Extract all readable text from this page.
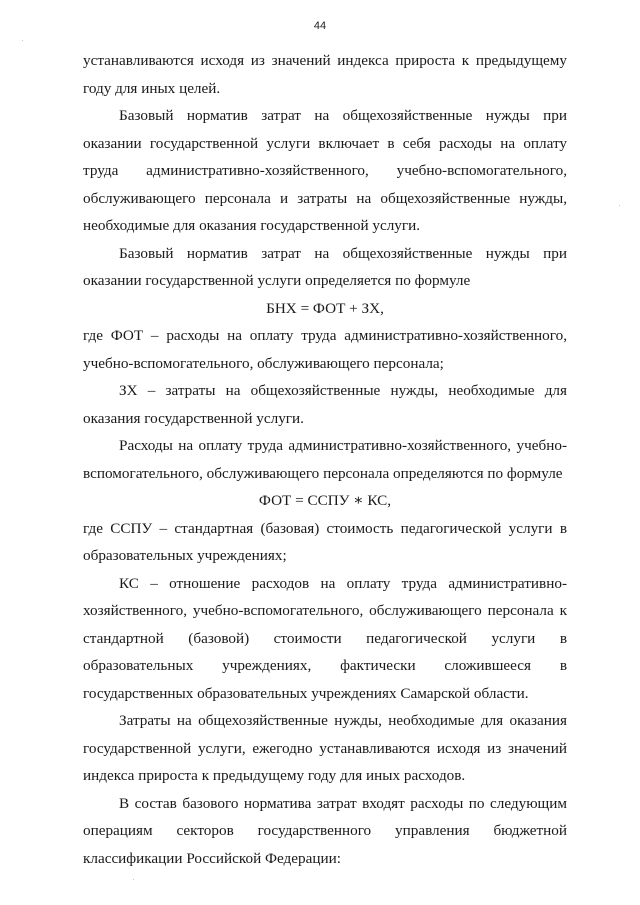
44

устанавливаются исходя из значений индекса прироста к предыдущему году для иных целей.

Базовый норматив затрат на общехозяйственные нужды при оказании государственной услуги включает в себя расходы на оплату труда административно-хозяйственного, учебно-вспомогательного, обслуживающего персонала и затраты на общехозяйственные нужды, необходимые для оказания государственной услуги.

Базовый норматив затрат на общехозяйственные нужды при оказании государственной услуги определяется по формуле

БНХ = ФОТ + ЗХ,

где ФОТ – расходы на оплату труда административно-хозяйственного, учебно-вспомогательного, обслуживающего персонала;

ЗХ – затраты на общехозяйственные нужды, необходимые для оказания государственной услуги.

Расходы на оплату труда административно-хозяйственного, учебно-вспомогательного, обслуживающего персонала определяются по формуле

ФОТ = ССПУ ∗ КС,

где ССПУ – стандартная (базовая) стоимость педагогической услуги в образовательных учреждениях;

КС – отношение расходов на оплату труда административно-хозяйственного, учебно-вспомогательного, обслуживающего персонала к стандартной (базовой) стоимости педагогической услуги в образовательных учреждениях, фактически сложившееся в государственных образовательных учреждениях Самарской области.

Затраты на общехозяйственные нужды, необходимые для оказания государственной услуги, ежегодно устанавливаются исходя из значений индекса прироста к предыдущему году для иных расходов.

В состав базового норматива затрат входят расходы по следующим операциям секторов государственного управления бюджетной классификации Российской Федерации:
